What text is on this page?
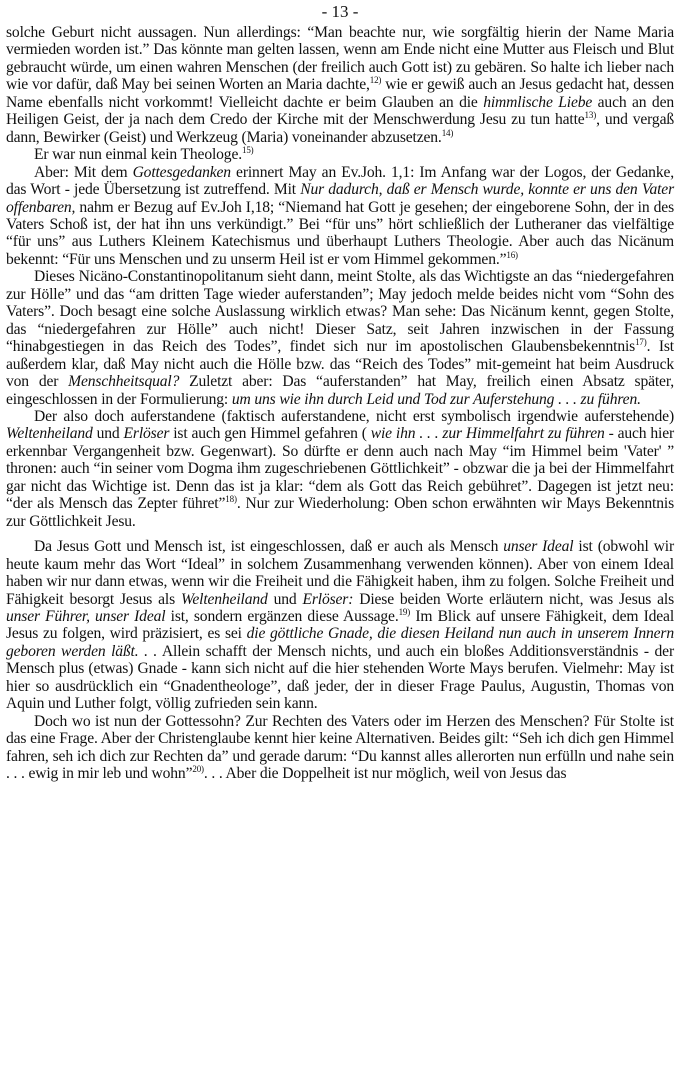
- 13 -

solche Geburt nicht aussagen. Nun allerdings: “Man beachte nur, wie sorgfältig hierin der Name Maria vermieden worden ist.” Das könnte man gelten lassen, wenn am Ende nicht eine Mutter aus Fleisch und Blut gebraucht würde, um einen wahren Menschen (der freilich auch Gott ist) zu gebären. So halte ich lieber nach wie vor dafür, daß May bei seinen Worten an Maria dachte,$^{12)}$ wie er gewiß auch an Jesus gedacht hat, dessen Name ebenfalls nicht vorkommt! Vielleicht dachte er beim Glauben an die himmlische Liebe auch an den Heiligen Geist, der ja nach dem Credo der Kirche mit der Menschwerdung Jesu zu tun hatte$^{13)}$, und vergaß dann, Bewirker (Geist) und Werkzeug (Maria) voneinander abzusetzen.$^{14)}$

Er war nun einmal kein Theologe.$^{15)}$

Aber: Mit dem Gottesgedanken erinnert May an Ev.Joh. 1,1: Im Anfang war der Logos, der Gedanke, das Wort - jede Übersetzung ist zutreffend. Mit Nur dadurch, daß er Mensch wurde, konnte er uns den Vater offenbaren, nahm er Bezug auf Ev.Joh I,18; “Niemand hat Gott je gesehen; der eingeborene Sohn, der in des Vaters Schoß ist, der hat ihn uns verkündigt.” Bei “für uns” hört schließlich der Lutheraner das vielfältige “für uns” aus Luthers Kleinem Katechismus und überhaupt Luthers Theologie. Aber auch das Nicänum bekennt: “Für uns Menschen und zu unserm Heil ist er vom Himmel gekommen.”$^{16)}$

Dieses Nicäno-Constantinopolitanum sieht dann, meint Stolte, als das Wichtigste an das “niedergefahren zur Hölle” und das “am dritten Tage wieder auferstanden”; May jedoch melde beides nicht vom “Sohn des Vaters”. Doch besagt eine solche Auslassung wirklich etwas? Man sehe: Das Nicänum kennt, gegen Stolte, das “niedergefahren zur Hölle” auch nicht! Dieser Satz, seit Jahren inzwischen in der Fassung “hinabgestiegen in das Reich des Todes”, findet sich nur im apostolischen Glaubensbekenntnis$^{17)}$. Ist außerdem klar, daß May nicht auch die Hölle bzw. das “Reich des Todes” mit-gemeint hat beim Ausdruck von der Menschheitsqual? Zuletzt aber: Das “auferstanden” hat May, freilich einen Absatz später, eingeschlossen in der Formulierung: um uns wie ihn durch Leid und Tod zur Auferstehung . . . zu führen.

Der also doch auferstandene (faktisch auferstandene, nicht erst symbolisch irgendwie auferstehende) Weltenheiland und Erlöser ist auch gen Himmel gefahren ( wie ihn . . . zur Himmelfahrt zu führen - auch hier erkennbar Vergangenheit bzw. Gegenwart). So dürfte er denn auch nach May “im Himmel beim 'Vater' ” thronen: auch “in seiner vom Dogma ihm zugeschriebenen Göttlichkeit” - obzwar die ja bei der Himmelfahrt gar nicht das Wichtige ist. Denn das ist ja klar: “dem als Gott das Reich gebühret”. Dagegen ist jetzt neu: “der als Mensch das Zepter führet”$^{18)}$. Nur zur Wiederholung: Oben schon erwähnten wir Mays Bekenntnis zur Göttlichkeit Jesu.

Da Jesus Gott und Mensch ist, ist eingeschlossen, daß er auch als Mensch unser Ideal ist (obwohl wir heute kaum mehr das Wort “Ideal” in solchem Zusammenhang verwenden können). Aber von einem Ideal haben wir nur dann etwas, wenn wir die Freiheit und die Fähigkeit haben, ihm zu folgen. Solche Freiheit und Fähigkeit besorgt Jesus als Weltenheiland und Erlöser: Diese beiden Worte erläutern nicht, was Jesus als unser Führer, unser Ideal ist, sondern ergänzen diese Aussage.$^{19)}$ Im Blick auf unsere Fähigkeit, dem Ideal Jesus zu folgen, wird präzisiert, es sei die göttliche Gnade, die diesen Heiland nun auch in unserem Innern geboren werden läßt. . . Allein schafft der Mensch nichts, und auch ein bloßes Additionsverständnis - der Mensch plus (etwas) Gnade - kann sich nicht auf die hier stehenden Worte Mays berufen. Vielmehr: May ist hier so ausdrücklich ein “Gnadentheologe”, daß jeder, der in dieser Frage Paulus, Augustin, Thomas von Aquin und Luther folgt, völlig zufrieden sein kann.

Doch wo ist nun der Gottessohn? Zur Rechten des Vaters oder im Herzen des Menschen? Für Stolte ist das eine Frage. Aber der Christenglaube kennt hier keine Alternativen. Beides gilt: “Seh ich dich gen Himmel fahren, seh ich dich zur Rechten da” und gerade darum: “Du kannst alles allerorten nun erfülln und nahe sein . . . ewig in mir leb und wohn”$^{20)}$. . . Aber die Doppelheit ist nur möglich, weil von Jesus das
